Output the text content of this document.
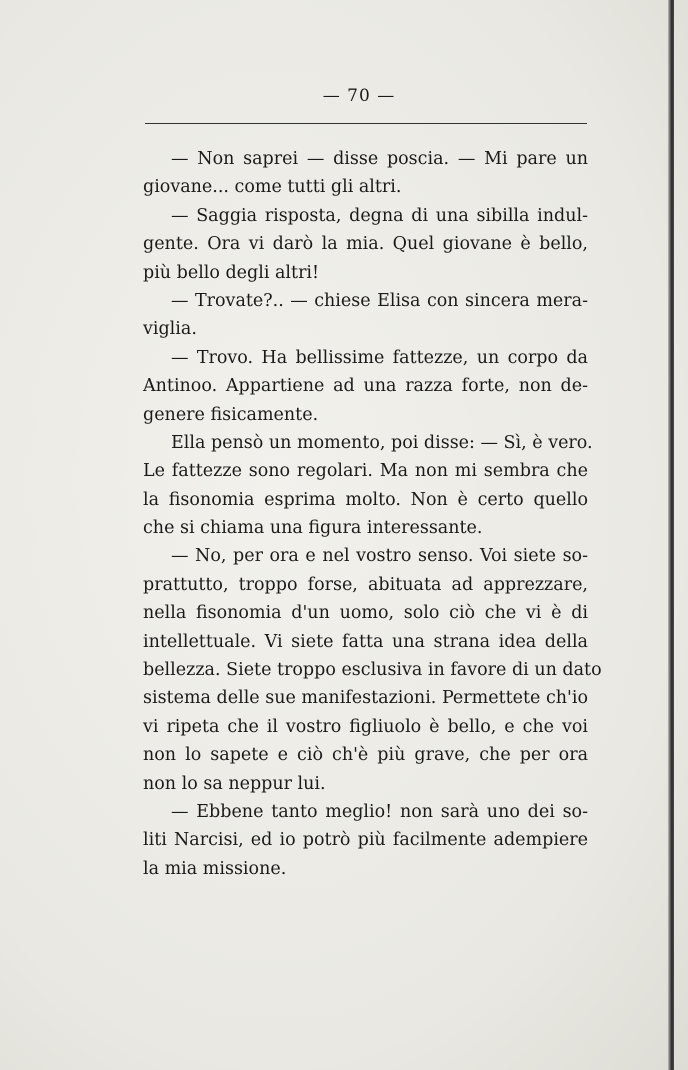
— 70 —
— Non saprei — disse poscia. — Mi pare un
giovane... come tutti gli altri.
— Saggia risposta, degna di una sibilla indul-
gente. Ora vi darò la mia. Quel giovane è bello,
più bello degli altri!
— Trovate?.. — chiese Elisa con sincera mera-
viglia.
— Trovo. Ha bellissime fattezze, un corpo da
Antinoo. Appartiene ad una razza forte, non de-
genere fisicamente.
Ella pensò un momento, poi disse: — Sì, è vero.
Le fattezze sono regolari. Ma non mi sembra che
la fisonomia esprima molto. Non è certo quello
che si chiama una figura interessante.
— No, per ora e nel vostro senso. Voi siete so-
prattutto, troppo forse, abituata ad apprezzare,
nella fisonomia d'un uomo, solo ciò che vi è di
intellettuale. Vi siete fatta una strana idea della
bellezza. Siete troppo esclusiva in favore di un dato
sistema delle sue manifestazioni. Permettete ch'io
vi ripeta che il vostro figliuolo è bello, e che voi
non lo sapete e ciò ch'è più grave, che per ora
non lo sa neppur lui.
— Ebbene tanto meglio! non sarà uno dei so-
liti Narcisi, ed io potrò più facilmente adempiere
la mia missione.
